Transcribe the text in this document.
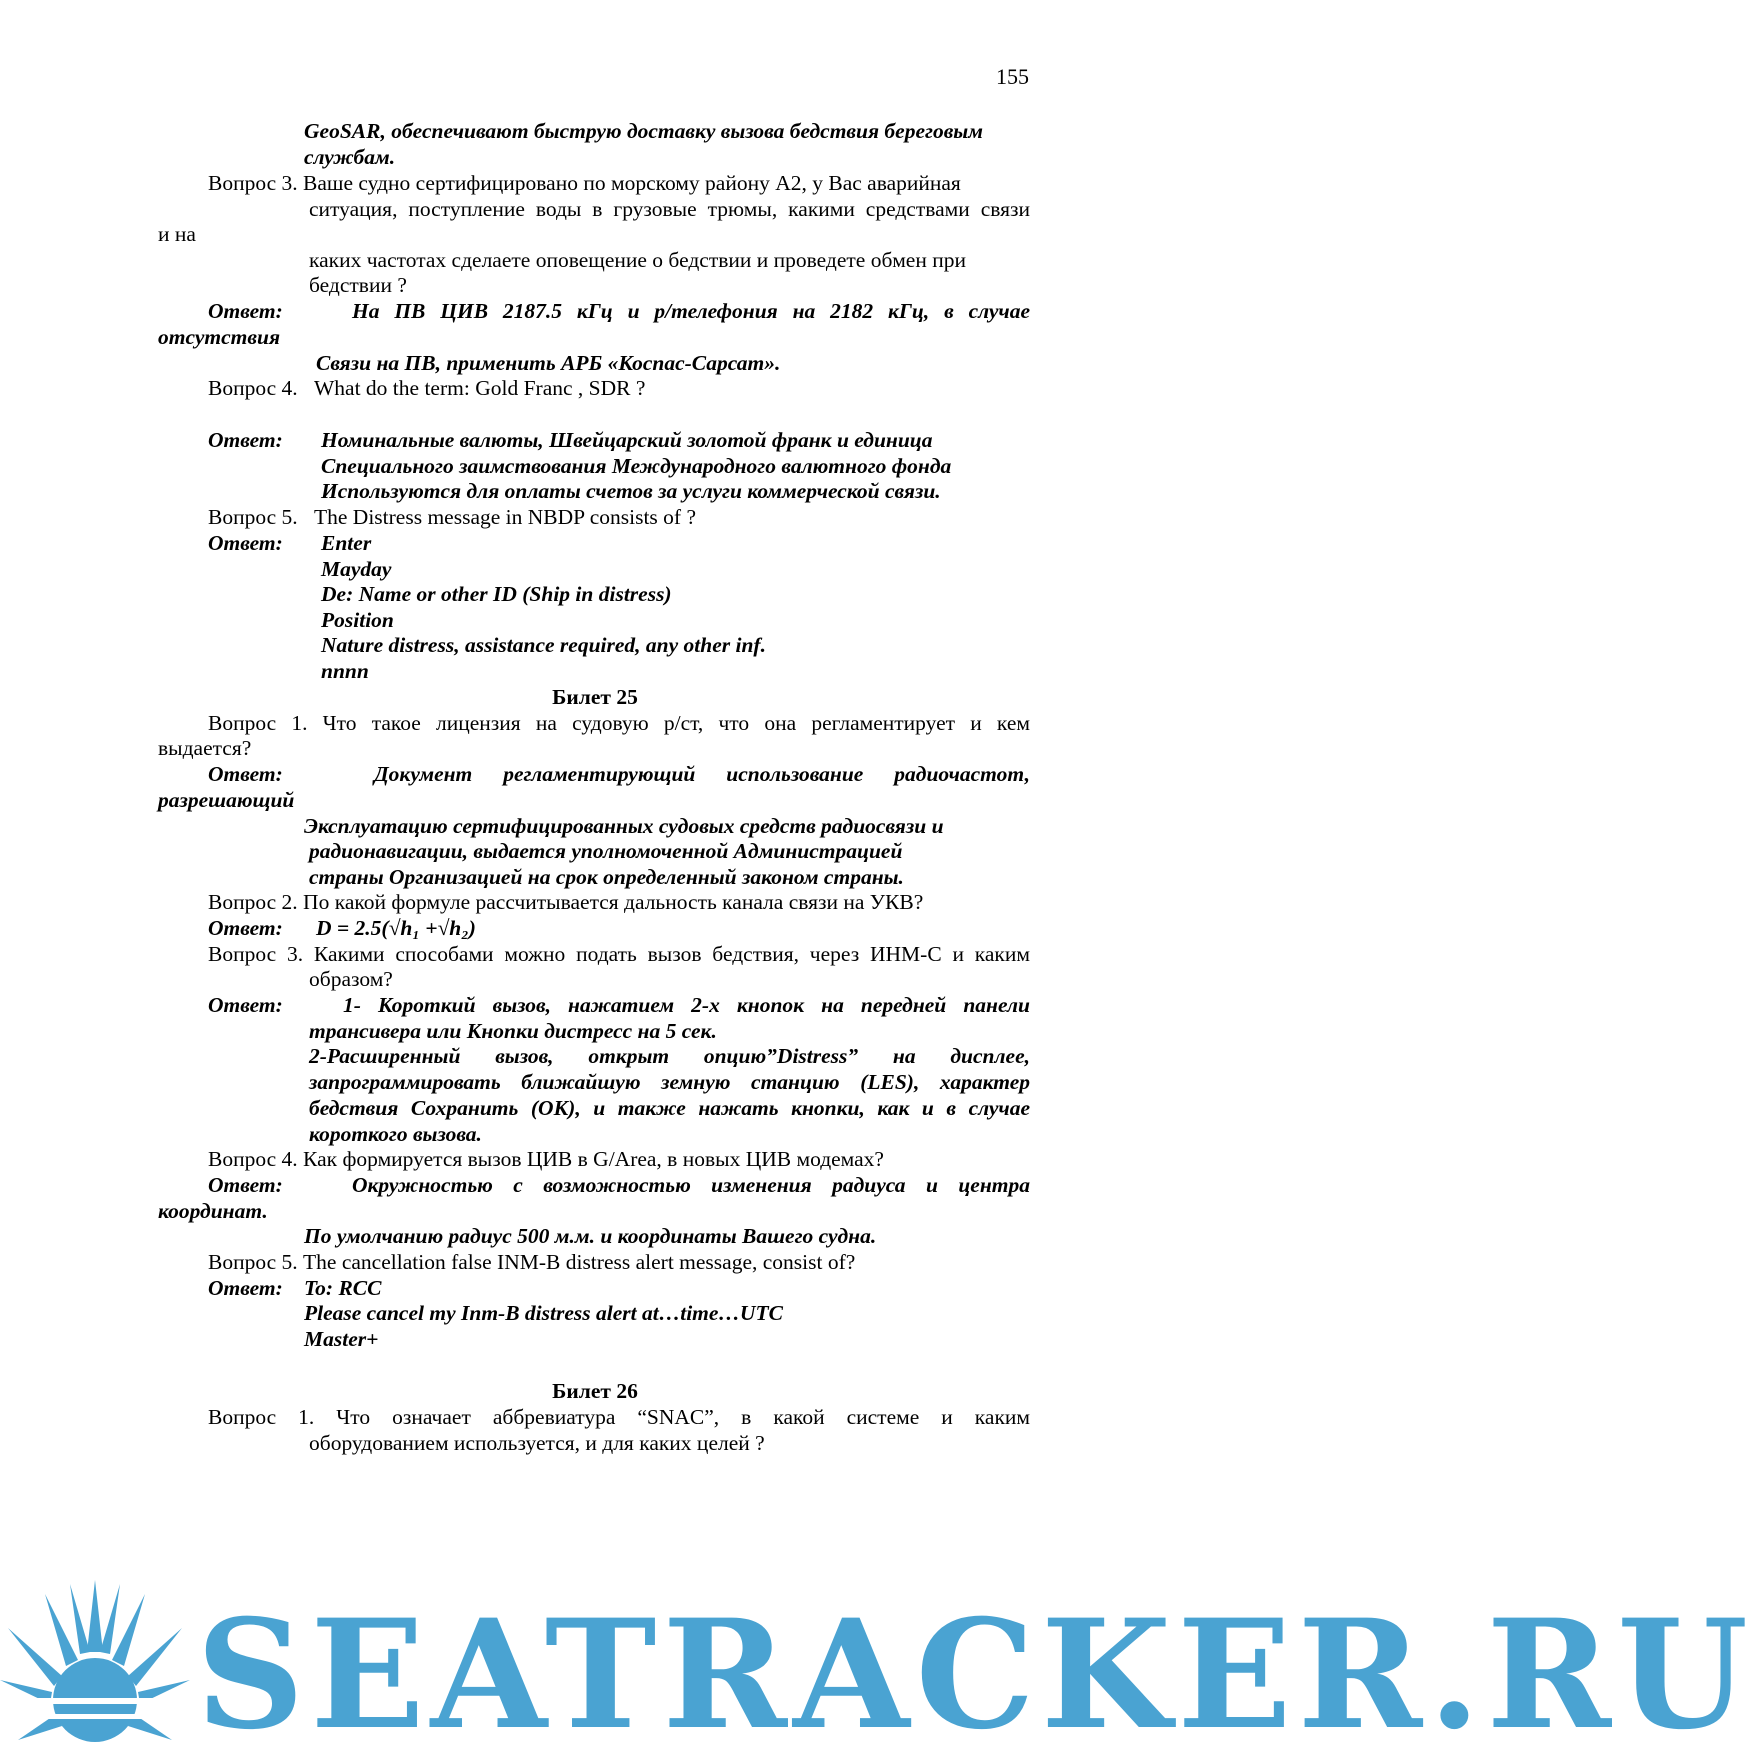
155
GeoSAR, обеспечивают быструю доставку вызова бедствия береговым
службам.
Вопрос 3. Ваше судно сертифицировано по морскому району А2, у Вас аварийная
ситуация, поступление воды в грузовые трюмы, какими средствами связи
и на
каких частотах сделаете оповещение о бедствии и проведете обмен при
бедствии ?
Ответ:	На ПВ ЦИВ 2187.5 кГц и р/телефония на 2182 кГц, в случае
отсутствия
Связи на ПВ, применить АРБ «Коспас-Сарсат».
Вопрос 4. What do the term: Gold Franc , SDR ?
Ответ: Номинальные валюты, Швейцарский золотой франк и единица
Специального заимствования Международного валютного фонда
Используются для оплаты счетов за услуги коммерческой связи.
Вопрос 5. The Distress message in NBDP consists of ?
Ответ: Enter
Mayday
De: Name or other ID (Ship in distress)
Position
Nature distress, assistance required, any other inf.
nnnn
Билет 25
Вопрос 1. Что такое лицензия на судовую р/ст, что она регламентирует и кем
выдается?
Ответ:	Документ регламентирующий использование радиочастот,
разрешающий
Эксплуатацию сертифицированных судовых средств радиосвязи и
радионавигации, выдается уполномоченной Администрацией
страны Организацией на срок определенный законом страны.
Вопрос 2. По какой формуле рассчитывается дальность канала связи на УКВ?
Ответ: D = 2.5(√h₁ +√h₂)
Вопрос 3. Какими способами можно подать вызов бедствия, через ИНМ-С и каким
образом?
Ответ:	1- Короткий вызов, нажатием 2-х кнопок на передней панели
трансивера или Кнопки дистресс на 5 сек.
2-Расширенный вызов, открыт опцию”Distress” на дисплее,
запрограммировать ближайшую земную станцию (LES), характер
бедствия Сохранить (ОК), и также нажать кнопки, как и в случае
короткого вызова.
Вопрос 4. Как формируется вызов ЦИВ в G/Area, в новых ЦИВ модемах?
Ответ:	Окружностью с возможностью изменения радиуса и центра
координат.
По умолчанию радиус 500 м.м. и координаты Вашего судна.
Вопрос 5. The cancellation false INM-B distress alert message, consist of?
Ответ: To: RCC
Please cancel my Inm-B distress alert at…time…UTC
Master+
Билет 26
Вопрос 1. Что означает аббревиатура “SNAC”, в какой системе и каким
оборудованием используется, и для каких целей ?
SEATRACKER.RU
